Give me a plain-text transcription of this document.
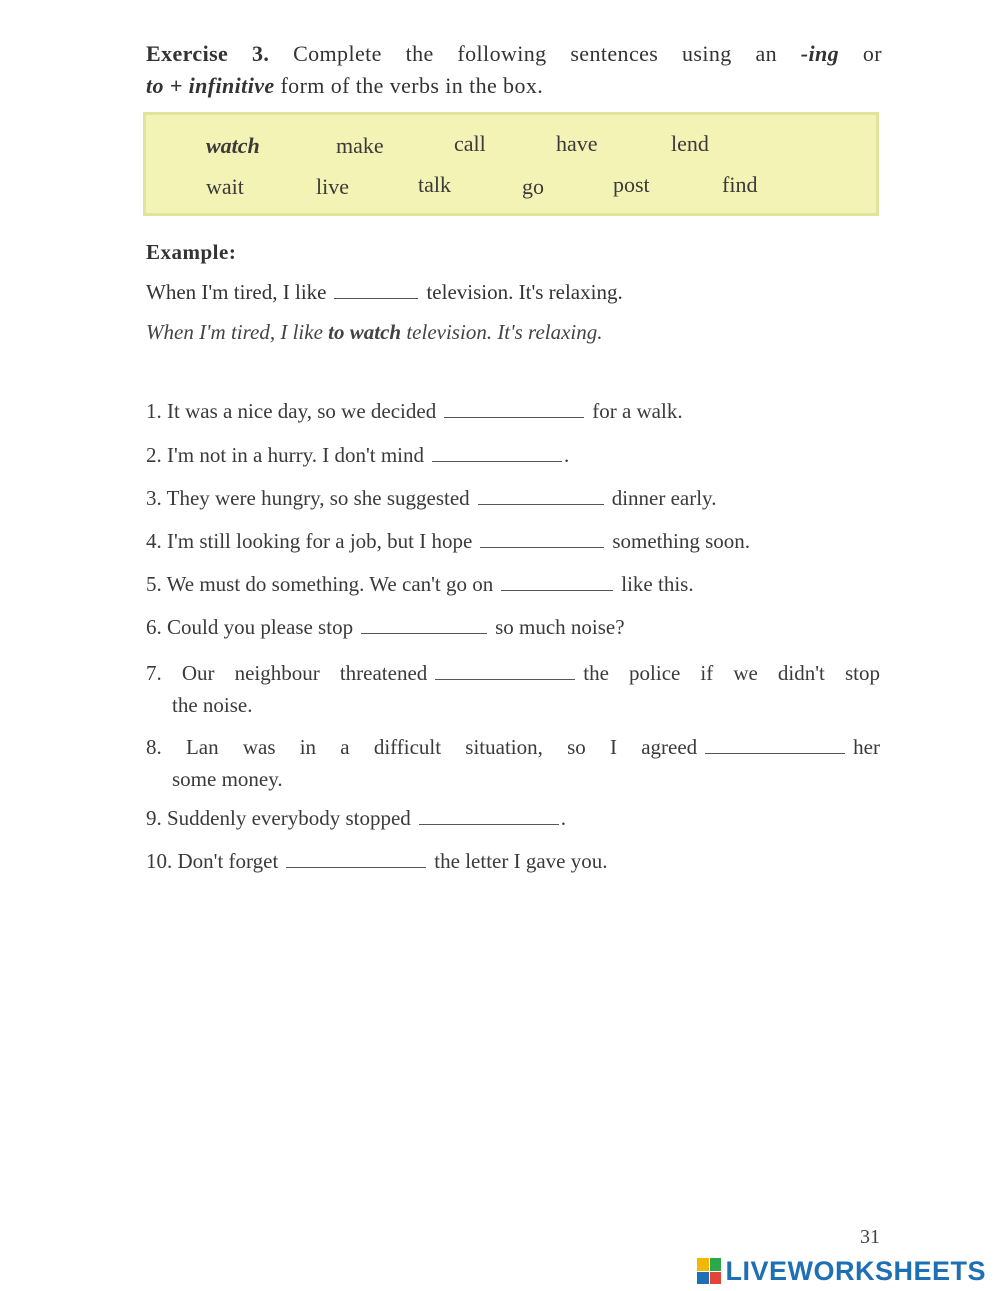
Exercise 3. Complete the following sentences using an -ing or
to + infinitive form of the verbs in the box.
watch	make	call	have	lend
wait	live	talk	go	post	find
Example:
When I'm tired, I like	television. It's relaxing.
When I'm tired, I like to watch television. It's relaxing.
1. It was a nice day, so we decided	for a walk.
2. I'm not in a hurry. I don't mind	.
3. They were hungry, so she suggested	dinner early.
4. I'm still looking for a job, but I hope	something soon.
5. We must do something. We can't go on	like this.
6. Could you please stop	so much noise?
7. Our neighbour threatened	the police if we didn't stop
the noise.
8. Lan was in a difficult situation, so I agreed	her
some money.
9. Suddenly everybody stopped	.
10. Don't forget	the letter I gave you.
31
LIVEWORKSHEETS
